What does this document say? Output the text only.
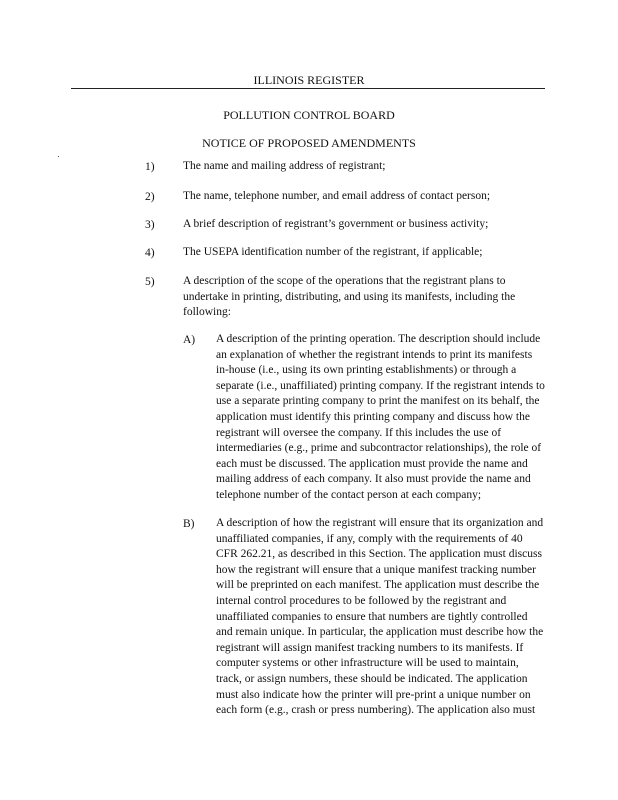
ILLINOIS REGISTER
POLLUTION CONTROL BOARD
NOTICE OF PROPOSED AMENDMENTS
1) The name and mailing address of registrant;
2) The name, telephone number, and email address of contact person;
3) A brief description of registrant’s government or business activity;
4) The USEPA identification number of the registrant, if applicable;
5) A description of the scope of the operations that the registrant plans to undertake in printing, distributing, and using its manifests, including the following:
A) A description of the printing operation. The description should include an explanation of whether the registrant intends to print its manifests in-house (i.e., using its own printing establishments) or through a separate (i.e., unaffiliated) printing company. If the registrant intends to use a separate printing company to print the manifest on its behalf, the application must identify this printing company and discuss how the registrant will oversee the company. If this includes the use of intermediaries (e.g., prime and subcontractor relationships), the role of each must be discussed. The application must provide the name and mailing address of each company. It also must provide the name and telephone number of the contact person at each company;
B) A description of how the registrant will ensure that its organization and unaffiliated companies, if any, comply with the requirements of 40 CFR 262.21, as described in this Section. The application must discuss how the registrant will ensure that a unique manifest tracking number will be preprinted on each manifest. The application must describe the internal control procedures to be followed by the registrant and unaffiliated companies to ensure that numbers are tightly controlled and remain unique. In particular, the application must describe how the registrant will assign manifest tracking numbers to its manifests. If computer systems or other infrastructure will be used to maintain, track, or assign numbers, these should be indicated. The application must also indicate how the printer will pre-print a unique number on each form (e.g., crash or press numbering). The application also must
